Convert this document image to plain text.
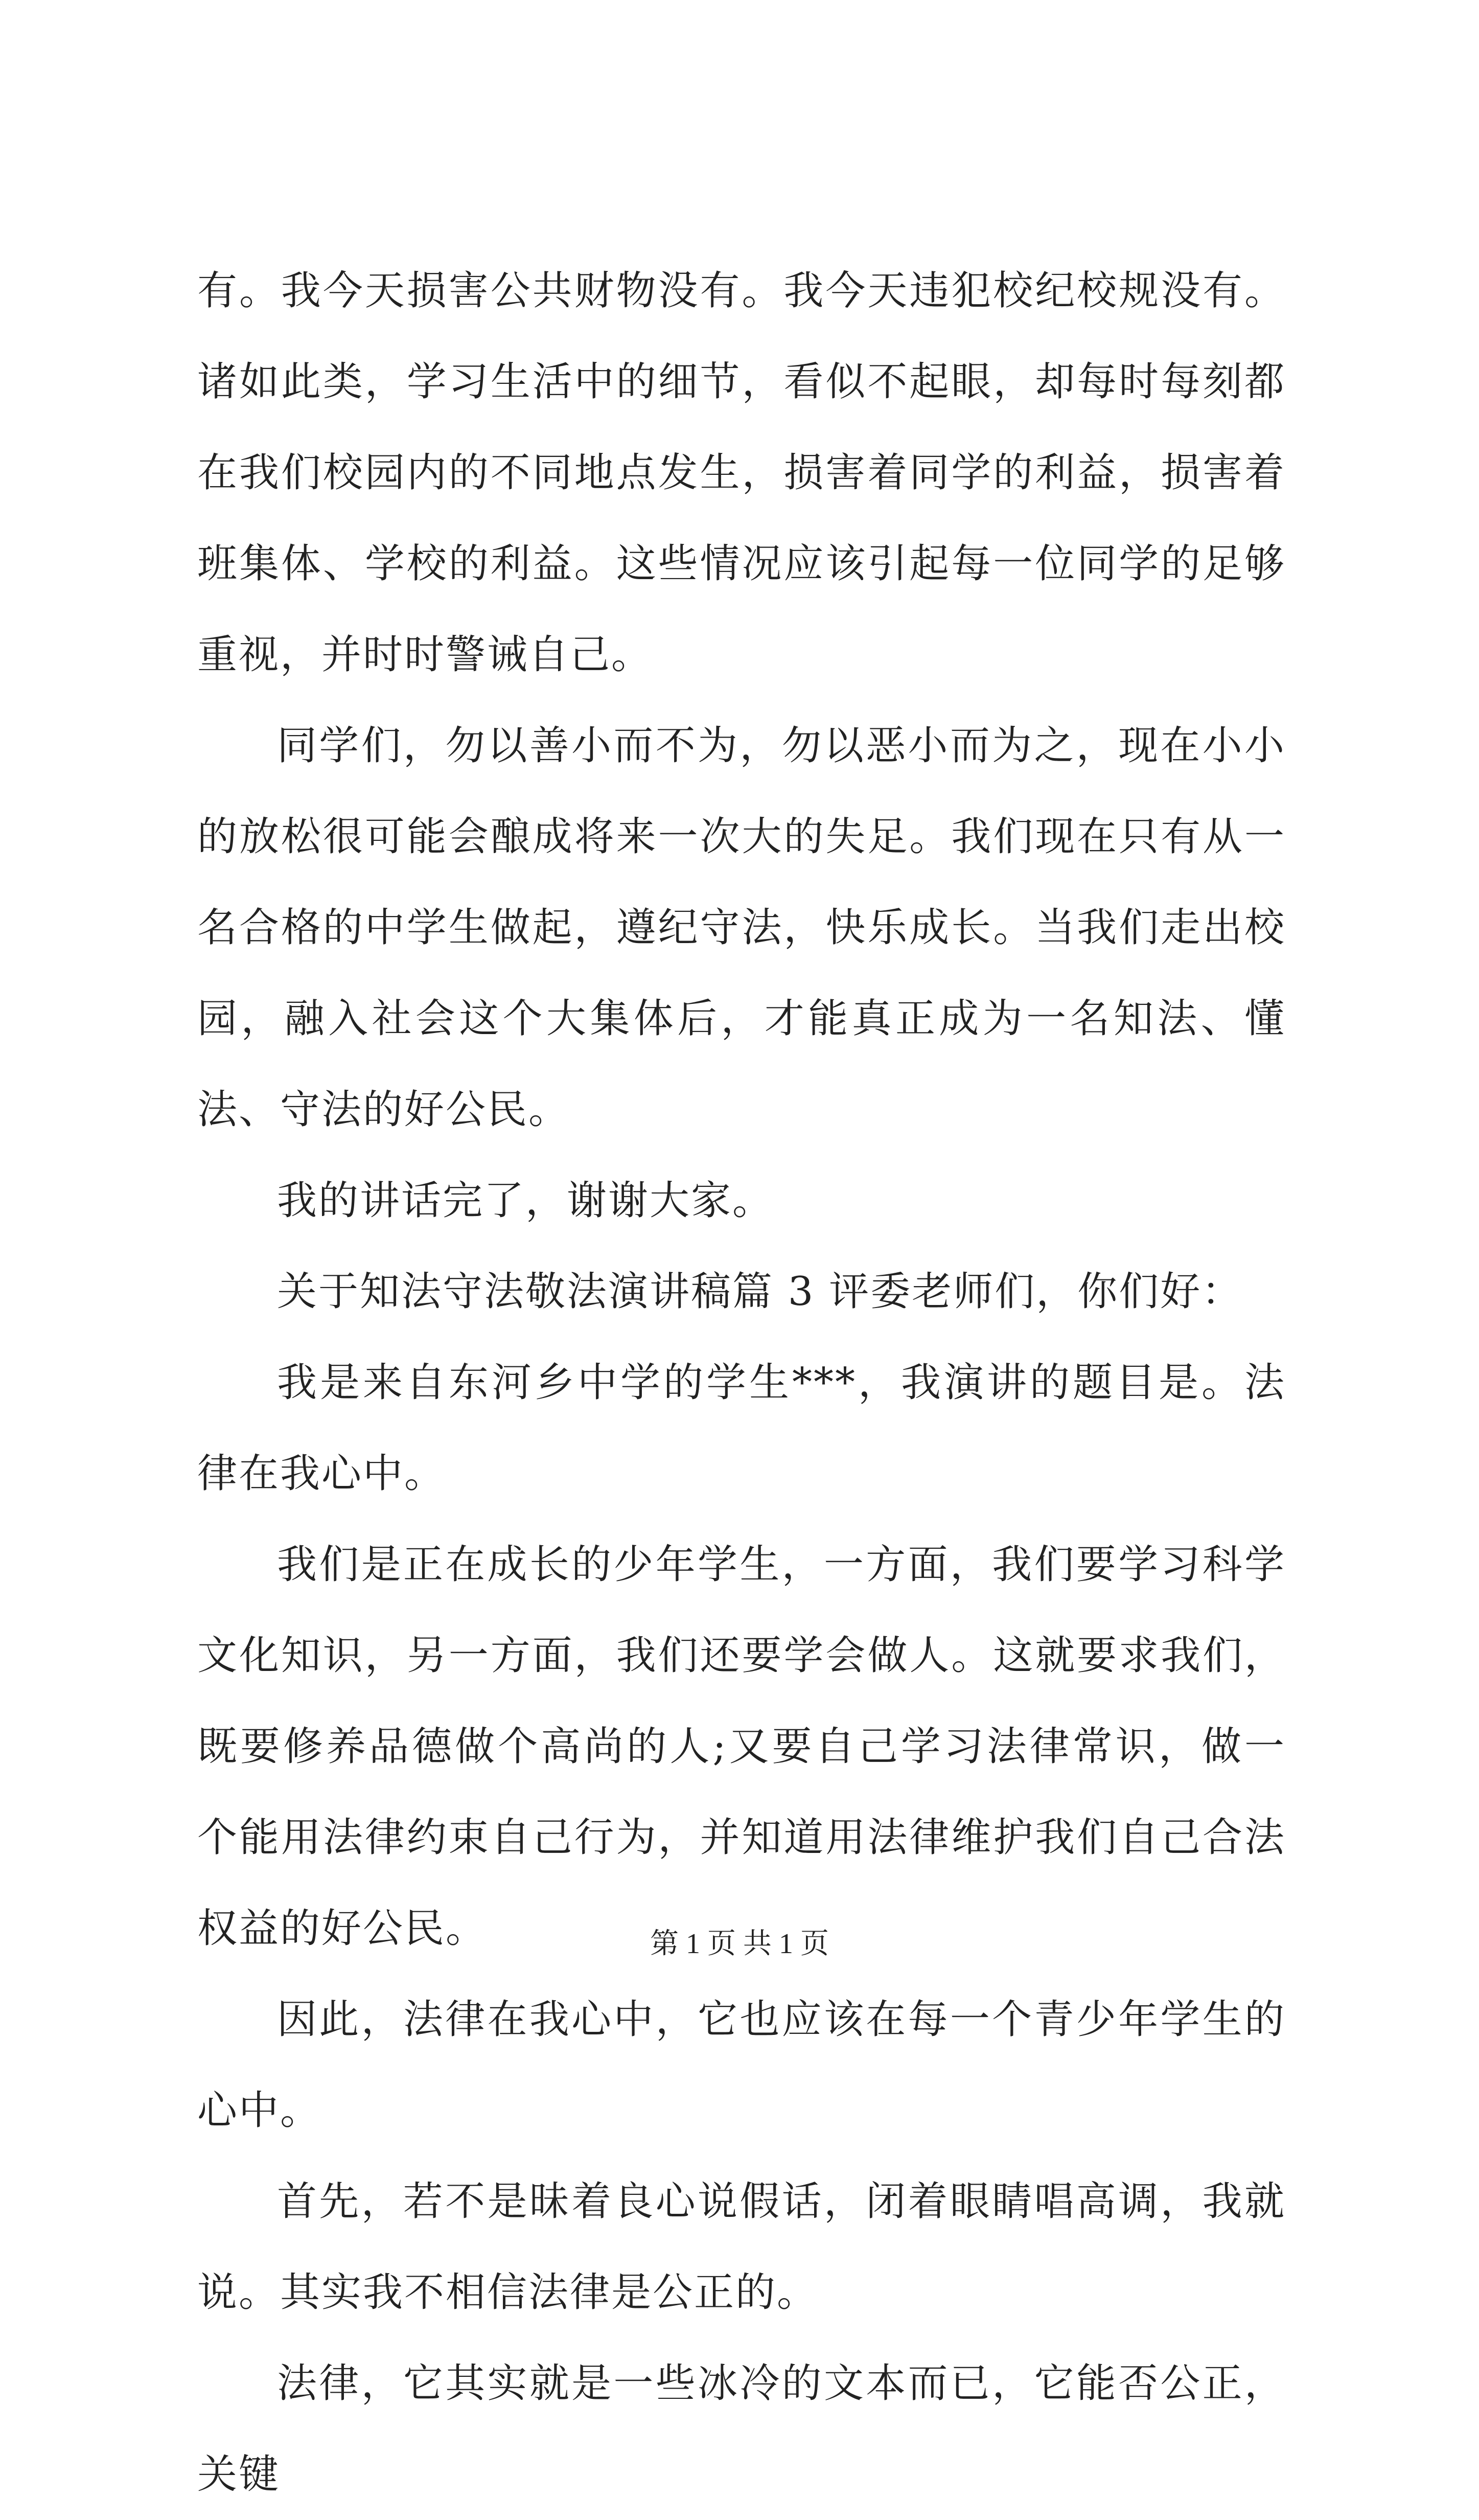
有。我今天损害公共财物没有。我今天违犯校纪校规没有。诸如此类，学习生活中的细节，看似不起眼，却每时每刻都在我们校园内的不同地点发生，损害着同学的利益，损害着班集体、学校的利益。这些情况应该引起每一位同学的足够重视，并时时警诫自己。

同学们，勿以善小而不为，勿以恶小而为之，现在小小的放松很可能会酿成将来一次大的失足。我们现在只有从一名合格的中学生做起，遵纪守法，快乐成长。当我们走出校园，融入社会这个大集体后，才能真正成为一名知法、懂法、守法的好公民。

我的讲话完了，谢谢大家。

关于知法守法敬法演讲稿篇 3 评委老师们，你们好：

我是来自东河乡中学的学生***，我演讲的题目是。法律在我心中。

我们是正在成长的少年学生，一方面，我们要学习科学文化知识，另一方面，我们还要学会做人。这就要求我们，既要修养品德做个高尚的人;又要自己学习法律常识，做一个能用法律约束自己行为，并知道用法律维护我们自己合法权益的好公民。

因此，法律在我心中，它也应该在每一个青少年学生的心中。

首先，若不是昧着良心说假话，闭着眼睛唱高调，我就说。其实我不相信法律是公正的。

法律，它其实就是一些冰冷的文本而已，它能否公正，关键

第 1 页 共 1 页
